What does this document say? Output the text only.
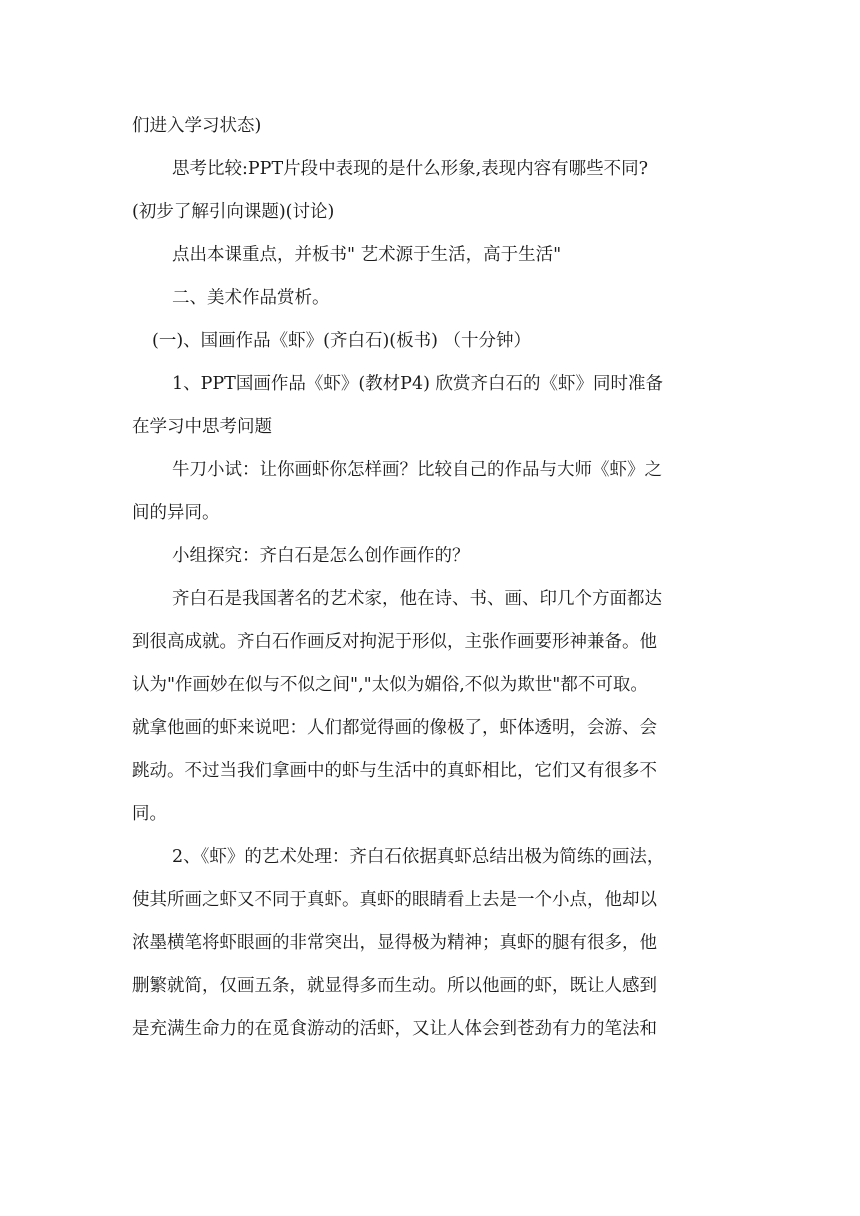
们进入学习状态)

思考比较:PPT片段中表现的是什么形象,表现内容有哪些不同?

(初步了解引向课题)(讨论)

点出本课重点，并板书" 艺术源于生活，高于生活"

二、美术作品赏析。

(一)、国画作品《虾》(齐白石)(板书) （十分钟）

1、PPT国画作品《虾》(教材P4) 欣赏齐白石的《虾》同时准备

在学习中思考问题

牛刀小试：让你画虾你怎样画？比较自己的作品与大师《虾》之

间的异同。

小组探究：齐白石是怎么创作画作的？

齐白石是我国著名的艺术家，他在诗、书、画、印几个方面都达

到很高成就。齐白石作画反对拘泥于形似，主张作画要形神兼备。他

认为"作画妙在似与不似之间","太似为媚俗,不似为欺世"都不可取。

就拿他画的虾来说吧：人们都觉得画的像极了，虾体透明，会游、会

跳动。不过当我们拿画中的虾与生活中的真虾相比，它们又有很多不

同。

2、《虾》的艺术处理：齐白石依据真虾总结出极为简练的画法，

使其所画之虾又不同于真虾。真虾的眼睛看上去是一个小点，他却以

浓墨横笔将虾眼画的非常突出，显得极为精神；真虾的腿有很多，他

删繁就简，仅画五条，就显得多而生动。所以他画的虾，既让人感到

是充满生命力的在觅食游动的活虾，又让人体会到苍劲有力的笔法和
